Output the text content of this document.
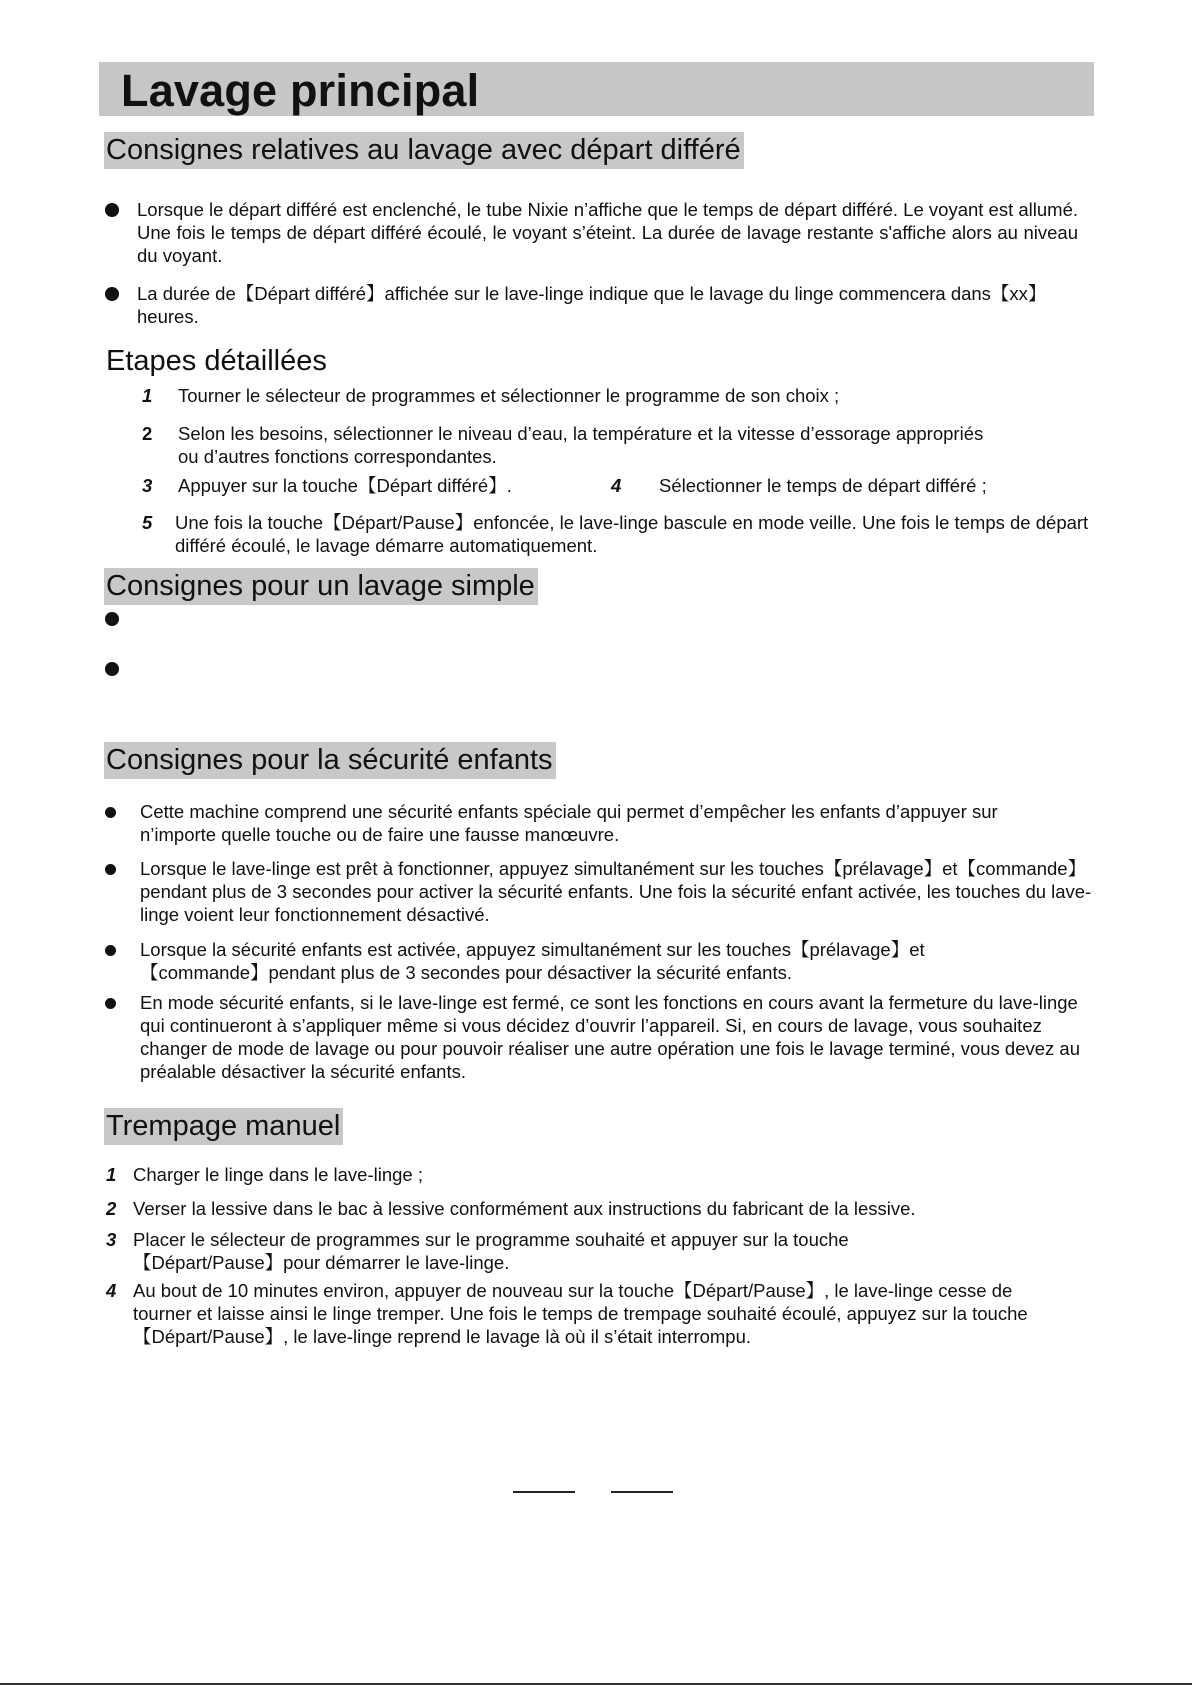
Lavage principal
Consignes relatives au lavage avec départ différé
Lorsque le départ différé est enclenché, le tube Nixie n’affiche que le temps de départ différé. Le voyant est allumé. Une fois le temps de départ différé écoulé, le voyant s’éteint. La durée de lavage restante s'affiche alors au niveau du voyant.
La durée de【Départ différé】affichée sur le lave-linge indique que le lavage du linge commencera dans【xx】heures.
Etapes détaillées
1 Tourner le sélecteur de programmes et sélectionner le programme de son choix ;
2 Selon les besoins, sélectionner le niveau d’eau, la température et la vitesse d’essorage appropriés ou d’autres fonctions correspondantes.
3 Appuyer sur la touche【Départ différé】.	4 Sélectionner le temps de départ différé ;
5 Une fois la touche【Départ/Pause】enfoncée, le lave-linge bascule en mode veille. Une fois le temps de départ différé écoulé, le lavage démarre automatiquement.
Consignes pour un lavage simple
Consignes pour la sécurité enfants
Cette machine comprend une sécurité enfants spéciale qui permet d’empêcher les enfants d’appuyer sur n’importe quelle touche ou de faire une fausse manœuvre.
Lorsque le lave-linge est prêt à fonctionner, appuyez simultanément sur les touches【prélavage】et【commande】 pendant plus de 3 secondes pour activer la sécurité enfants. Une fois la sécurité enfant activée, les touches du lave-linge voient leur fonctionnement désactivé.
Lorsque la sécurité enfants est activée, appuyez simultanément sur les touches【prélavage】et【commande】pendant plus de 3 secondes pour désactiver la sécurité enfants.
En mode sécurité enfants, si le lave-linge est fermé, ce sont les fonctions en cours avant la fermeture du lave-linge qui continueront à s’appliquer même si vous décidez d’ouvrir l’appareil. Si, en cours de lavage, vous souhaitez changer de mode de lavage ou pour pouvoir réaliser une autre opération une fois le lavage terminé, vous devez au préalable désactiver la sécurité enfants.
Trempage manuel
1 Charger le linge dans le lave-linge ;
2 Verser la lessive dans le bac à lessive conformément aux instructions du fabricant de la lessive.
3 Placer le sélecteur de programmes sur le programme souhaité et appuyer sur la touche【Départ/Pause】pour démarrer le lave-linge.
4 Au bout de 10 minutes environ, appuyer de nouveau sur la touche【Départ/Pause】, le lave-linge cesse de tourner et laisse ainsi le linge tremper. Une fois le temps de trempage souhaité écoulé, appuyez sur la touche 【Départ/Pause】, le lave-linge reprend le lavage là où il s’était interrompu.
